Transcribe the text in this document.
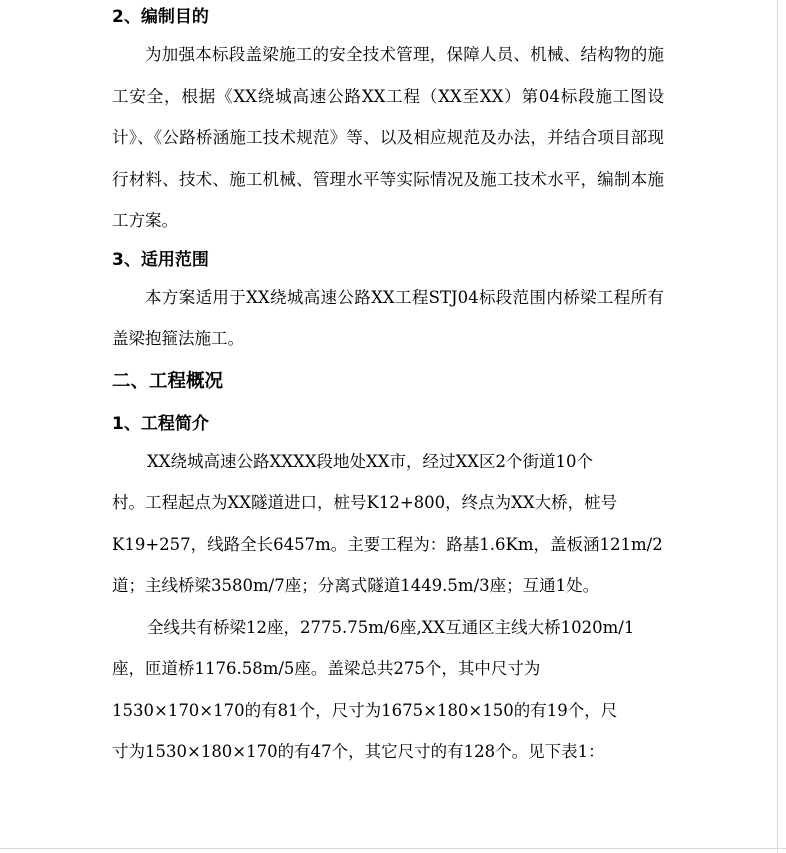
2、编制目的

为加强本标段盖梁施工的安全技术管理，保障人员、机械、结构物的施工安全，根据《XX绕城高速公路XX工程（XX至XX）第04标段施工图设计》、《公路桥涵施工技术规范》等、以及相应规范及办法，并结合项目部现行材料、技术、施工机械、管理水平等实际情况及施工技术水平，编制本施工方案。

3、适用范围

本方案适用于XX绕城高速公路XX工程STJ04标段范围内桥梁工程所有盖梁抱箍法施工。

二、工程概况
1、工程简介
XX绕城高速公路XXXX段地处XX市，经过XX区2个街道10个
村。工程起点为XX隧道进口，桩号K12+800，终点为XX大桥，桩号
K19+257，线路全长6457m。主要工程为：路基1.6Km，盖板涵121m/2
道；主线桥梁3580m/7座；分离式隧道1449.5m/3座；互通1处。
全线共有桥梁12座，2775.75m/6座,XX互通区主线大桥1020m/1
座，匝道桥1176.58m/5座。盖梁总共275个，其中尺寸为
1530×170×170的有81个，尺寸为1675×180×150的有19个，尺
寸为1530×180×170的有47个，其它尺寸的有128个。见下表1：
